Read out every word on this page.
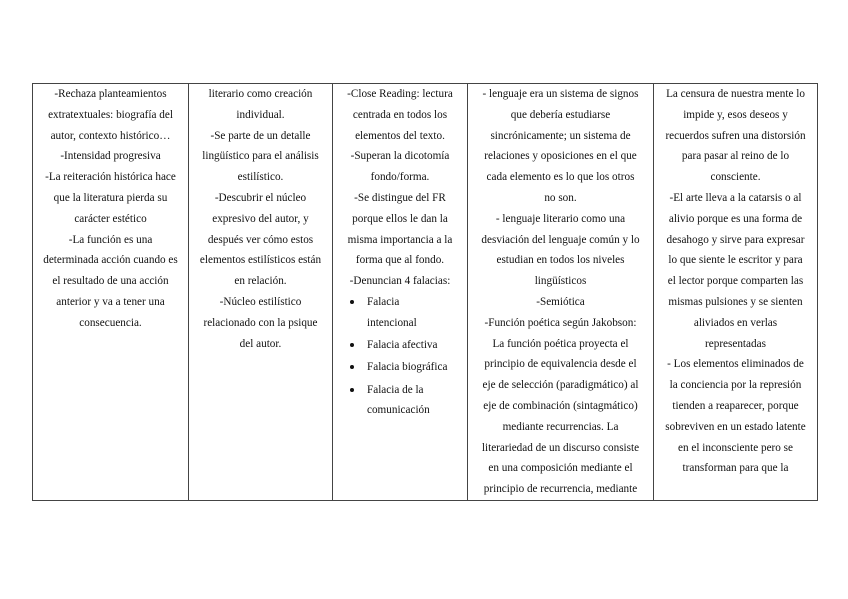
-Rechaza planteamientos
extratextuales: biografía del
autor, contexto histórico…
-Intensidad progresiva
-La reiteración histórica hace
que la literatura pierda su
carácter estético
-La función es una
determinada acción cuando es
el resultado de una acción
anterior y va a tener una
consecuencia.

literario como creación
individual.
-Se parte de un detalle
lingüístico para el análisis
estilístico.
-Descubrir el núcleo
expresivo del autor, y
después ver cómo estos
elementos estilísticos están
en relación.
-Núcleo estilístico
relacionado con la psique
del autor.

-Close Reading: lectura
centrada en todos los
elementos del texto.
-Superan la dicotomía
fondo/forma.
-Se distingue del FR
porque ellos le dan la
misma importancia a la
forma que al fondo.
-Denuncian 4 falacias:
Falacia
intencional
Falacia afectiva
Falacia biográfica
Falacia de la
comunicación

- lenguaje era un sistema de signos
que debería estudiarse
sincrónicamente; un sistema de
relaciones y oposiciones en el que
cada elemento es lo que los otros
no son.
- lenguaje literario como una
desviación del lenguaje común y lo
estudian en todos los niveles
lingüísticos
-Semiótica
-Función poética según Jakobson:
La función poética proyecta el
principio de equivalencia desde el
eje de selección (paradigmático) al
eje de combinación (sintagmático)
mediante recurrencias. La
literariedad de un discurso consiste
en una composición mediante el
principio de recurrencia, mediante

La censura de nuestra mente lo
impide y, esos deseos y
recuerdos sufren una distorsión
para pasar al reino de lo
consciente.
-El arte lleva a la catarsis o al
alivio porque es una forma de
desahogo y sirve para expresar
lo que siente le escritor y para
el lector porque comparten las
mismas pulsiones y se sienten
aliviados en verlas
representadas
- Los elementos eliminados de
la conciencia por la represión
tienden a reaparecer, porque
sobreviven en un estado latente
en el inconsciente pero se
transforman para que la
